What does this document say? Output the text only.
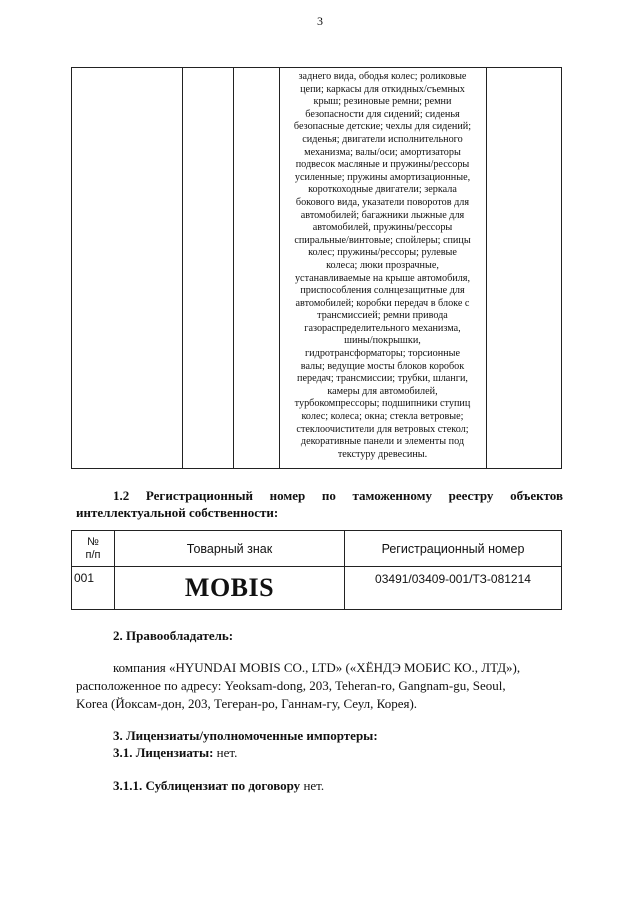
3
заднего вида, ободья колес; роликовые
цепи; каркасы для откидных/съемных
крыш; резиновые ремни; ремни
безопасности для сидений; сиденья
безопасные детские; чехлы для сидений;
сиденья; двигатели исполнительного
механизма; валы/оси; амортизаторы
подвесок масляные и пружины/рессоры
усиленные; пружины амортизационные,
короткоходные двигатели; зеркала
бокового вида, указатели поворотов для
автомобилей; багажники лыжные для
автомобилей, пружины/рессоры
спиральные/винтовые; спойлеры; спицы
колес; пружины/рессоры; рулевые
колеса; люки прозрачные,
устанавливаемые на крыше автомобиля,
приспособления солнцезащитные для
автомобилей; коробки передач в блоке с
трансмиссией; ремни привода
газораспределительного механизма,
шины/покрышки,
гидротрансформаторы; торсионные
валы; ведущие мосты блоков коробок
передач; трансмиссии; трубки, шланги,
камеры для автомобилей,
турбокомпрессоры; подшипники ступиц
колес; колеса; окна; стекла ветровые;
стеклоочистители для ветровых стекол;
декоративные панели и элементы под
текстуру древесины.
1.2 Регистрационный номер по таможенному реестру объектов интеллектуальной собственности:
№
п/п	Товарный знак	Регистрационный номер
001	MOBIS	03491/03409-001/ТЗ-081214
2. Правообладатель:
компания «HYUNDAI MOBIS CO., LTD» («ХЁНДЭ МОБИС КО., ЛТД»),
расположенное по адресу: Yeoksam-dong, 203, Teheran-ro, Gangnam-gu, Seoul,
Korea (Йоксам-дон, 203, Тегеран-ро, Ганнам-гу, Сеул, Корея).
3. Лицензиаты/уполномоченные импортеры:
3.1. Лицензиаты: нет.
3.1.1. Сублицензиат по договору нет.
